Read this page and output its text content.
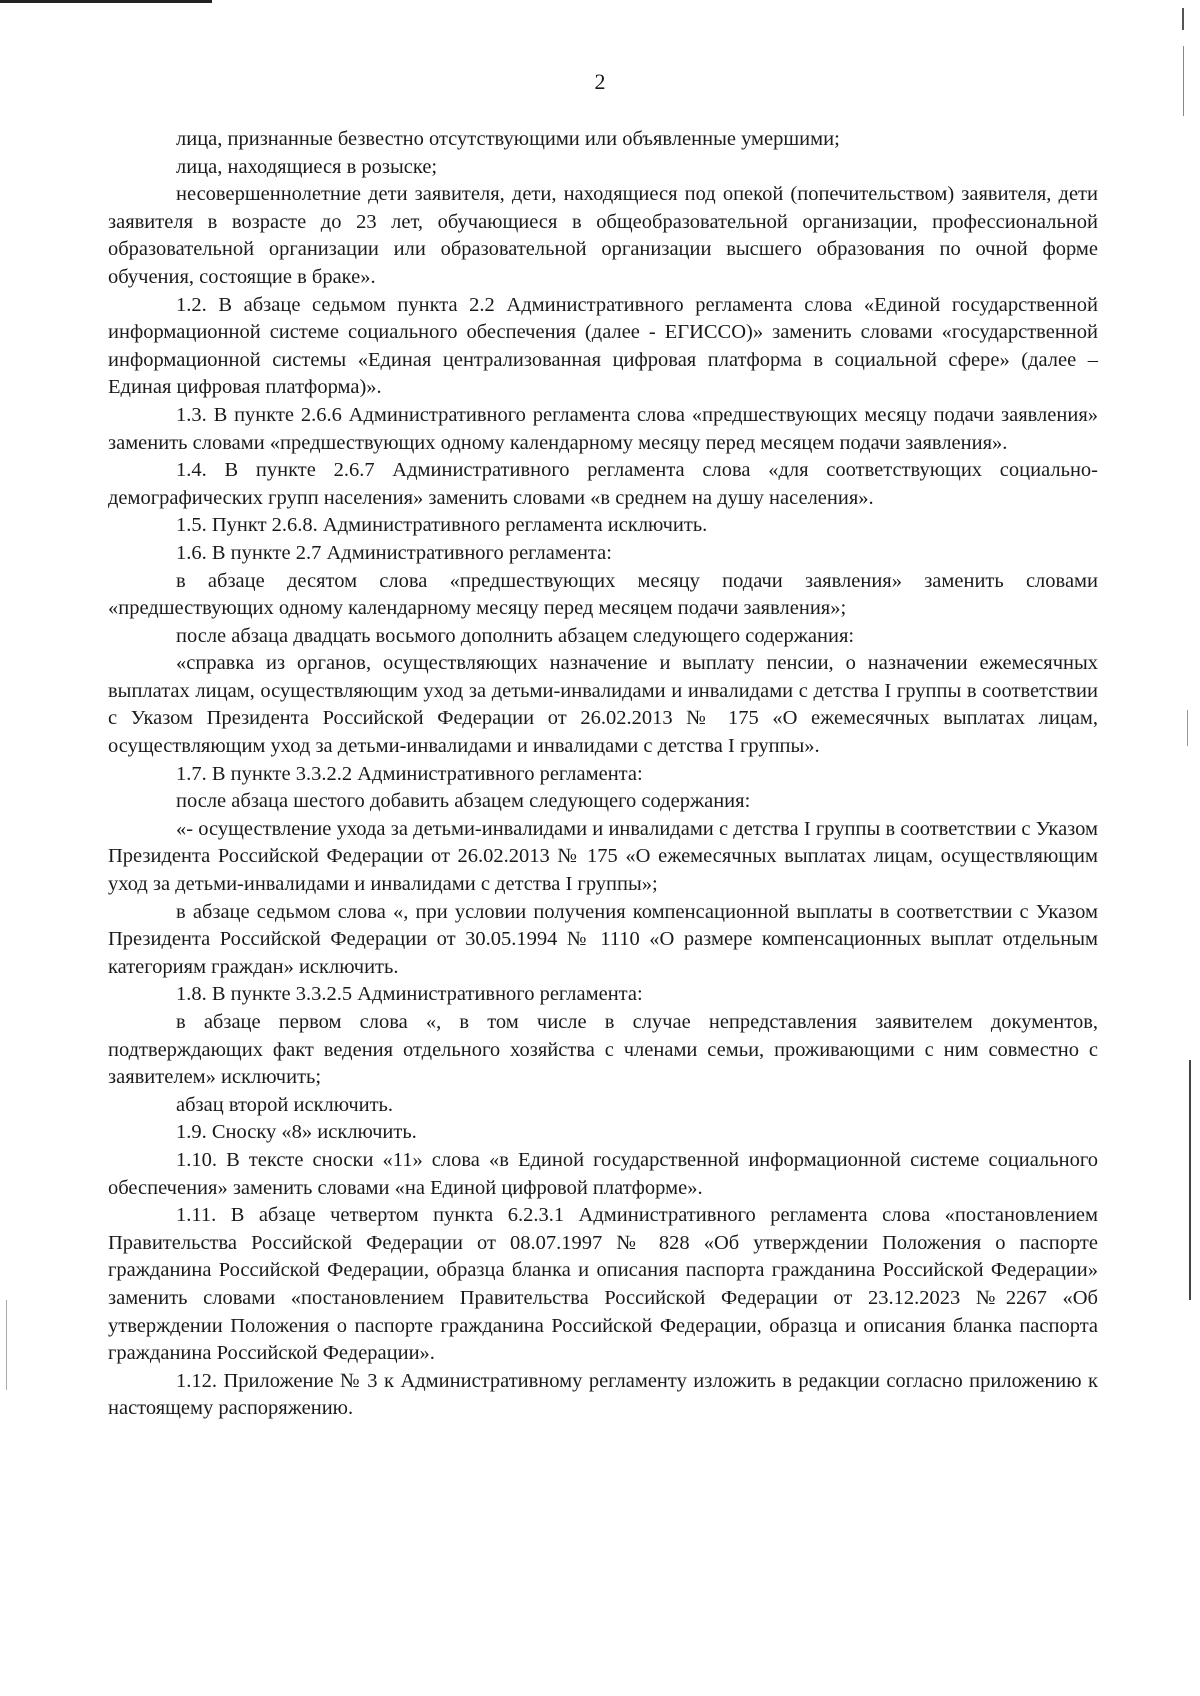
2

лица, признанные безвестно отсутствующими или объявленные умершими;

лица, находящиеся в розыске;

несовершеннолетние дети заявителя, дети, находящиеся под опекой (попечительством) заявителя, дети заявителя в возрасте до 23 лет, обучающиеся в общеобразовательной организации, профессиональной образовательной организации или образовательной организации высшего образования по очной форме обучения, состоящие в браке».

1.2. В абзаце седьмом пункта 2.2 Административного регламента слова «Единой государственной информационной системе социального обеспечения (далее - ЕГИССО)» заменить словами «государственной информационной системы «Единая централизованная цифровая платформа в социальной сфере» (далее – Единая цифровая платформа)».

1.3. В пункте 2.6.6 Административного регламента слова «предшествующих месяцу подачи заявления» заменить словами «предшествующих одному календарному месяцу перед месяцем подачи заявления».

1.4. В пункте 2.6.7 Административного регламента слова «для соответствующих социально-демографических групп населения» заменить словами «в среднем на душу населения».

1.5. Пункт 2.6.8. Административного регламента исключить.

1.6. В пункте 2.7 Административного регламента:

в абзаце десятом слова «предшествующих месяцу подачи заявления» заменить словами «предшествующих одному календарному месяцу перед месяцем подачи заявления»;

после абзаца двадцать восьмого дополнить абзацем следующего содержания:

«справка из органов, осуществляющих назначение и выплату пенсии, о назначении ежемесячных выплатах лицам, осуществляющим уход за детьми-инвалидами и инвалидами с детства I группы в соответствии с Указом Президента Российской Федерации от 26.02.2013 № 175 «О ежемесячных выплатах лицам, осуществляющим уход за детьми-инвалидами и инвалидами с детства I группы».

1.7. В пункте 3.3.2.2 Административного регламента:

после абзаца шестого добавить абзацем следующего содержания:

«- осуществление ухода за детьми-инвалидами и инвалидами с детства I группы в соответствии с Указом Президента Российской Федерации от 26.02.2013 № 175 «О ежемесячных выплатах лицам, осуществляющим уход за детьми-инвалидами и инвалидами с детства I группы»;

в абзаце седьмом слова «, при условии получения компенсационной выплаты в соответствии с Указом Президента Российской Федерации от 30.05.1994 № 1110 «О размере компенсационных выплат отдельным категориям граждан» исключить.

1.8. В пункте 3.3.2.5 Административного регламента:

в абзаце первом слова «, в том числе в случае непредставления заявителем документов, подтверждающих факт ведения отдельного хозяйства с членами семьи, проживающими с ним совместно с заявителем» исключить;

абзац второй исключить.

1.9. Сноску «8» исключить.

1.10. В тексте сноски «11» слова «в Единой государственной информационной системе социального обеспечения» заменить словами «на Единой цифровой платформе».

1.11. В абзаце четвертом пункта 6.2.3.1 Административного регламента слова «постановлением Правительства Российской Федерации от 08.07.1997 № 828 «Об утверждении Положения о паспорте гражданина Российской Федерации, образца бланка и описания паспорта гражданина Российской Федерации» заменить словами «постановлением Правительства Российской Федерации от 23.12.2023 №2267 «Об утверждении Положения о паспорте гражданина Российской Федерации, образца и описания бланка паспорта гражданина Российской Федерации».

1.12. Приложение № 3 к Административному регламенту изложить в редакции согласно приложению к настоящему распоряжению.
